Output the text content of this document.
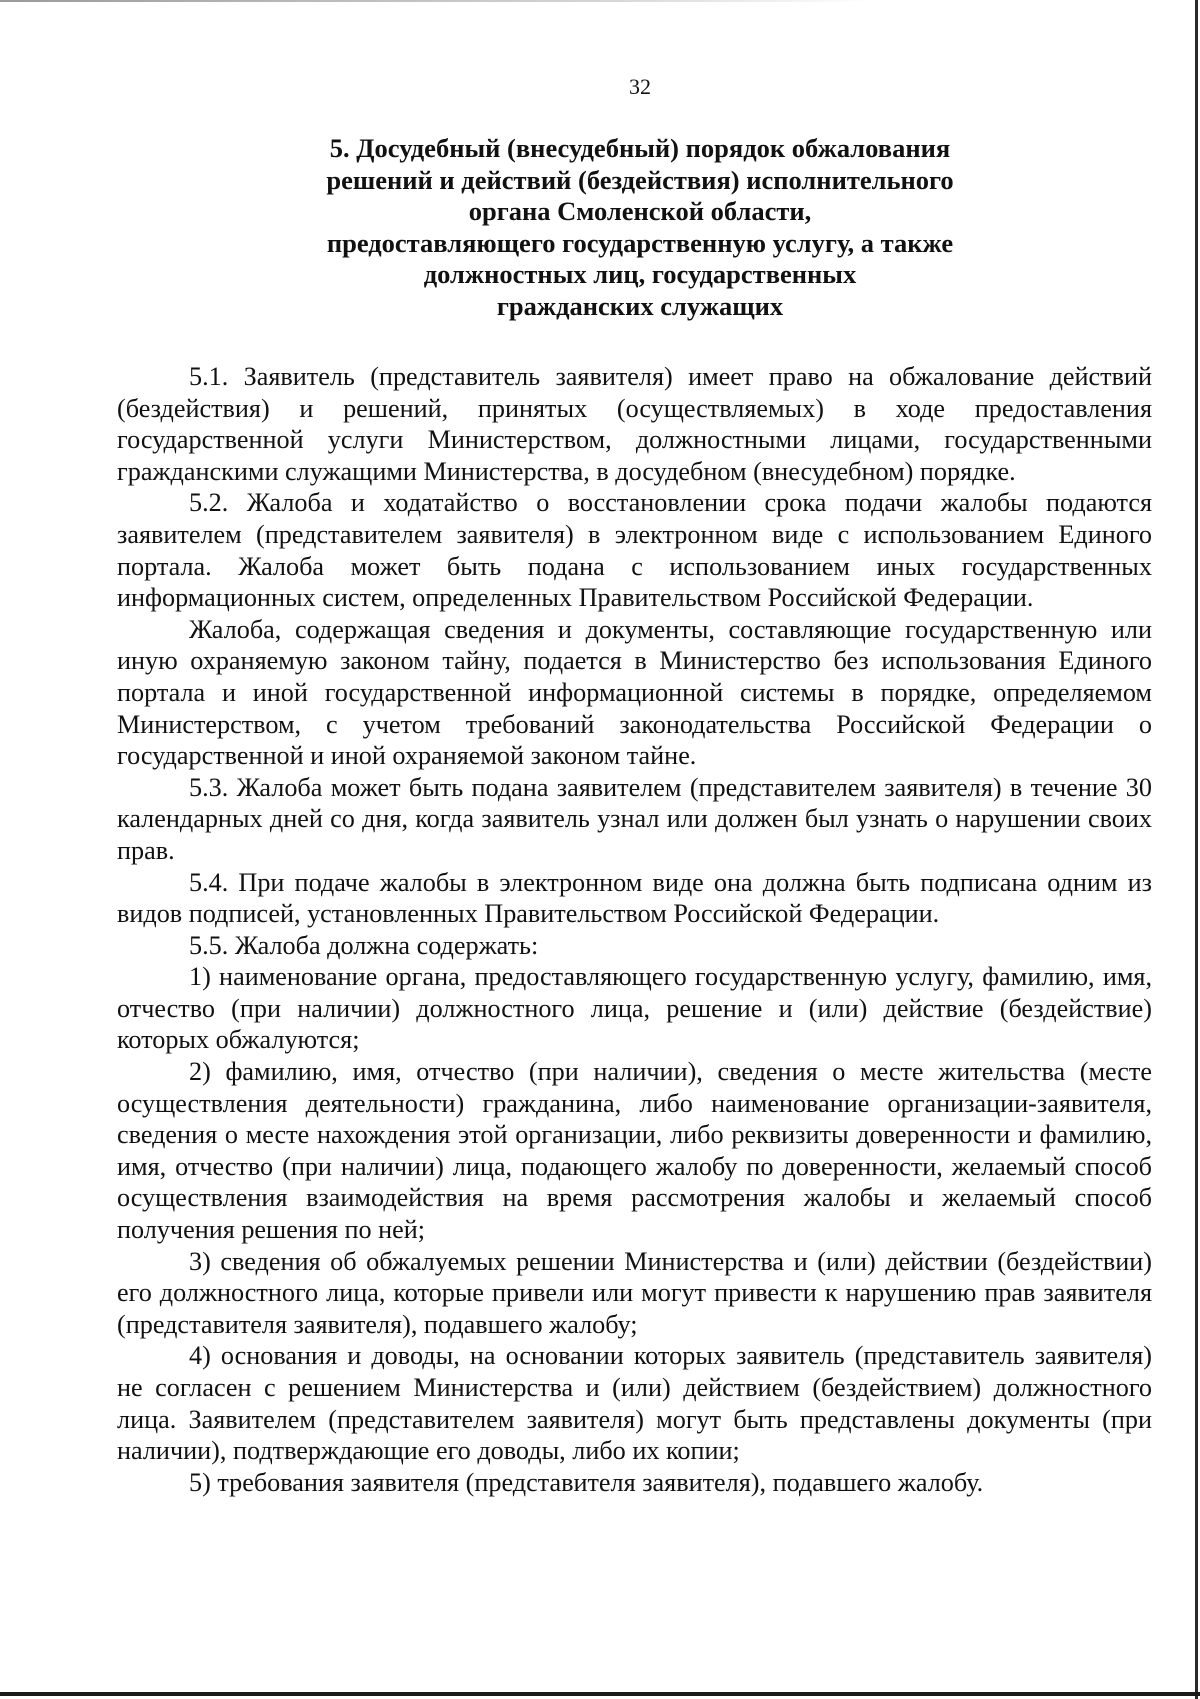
32
5. Досудебный (внесудебный) порядок обжалования
решений и действий (бездействия) исполнительного
органа Смоленской области,
предоставляющего государственную услугу, а также
должностных лиц, государственных
гражданских служащих

5.1. Заявитель (представитель заявителя) имеет право на обжалование действий (бездействия) и решений, принятых (осуществляемых) в ходе предоставления государственной услуги Министерством, должностными лицами, государственными гражданскими служащими Министерства, в досудебном (внесудебном) порядке.

5.2. Жалоба и ходатайство о восстановлении срока подачи жалобы подаются заявителем (представителем заявителя) в электронном виде с использованием Единого портала. Жалоба может быть подана с использованием иных государственных информационных систем, определенных Правительством Российской Федерации.

Жалоба, содержащая сведения и документы, составляющие государственную или иную охраняемую законом тайну, подается в Министерство без использования Единого портала и иной государственной информационной системы в порядке, определяемом Министерством, с учетом требований законодательства Российской Федерации о государственной и иной охраняемой законом тайне.

5.3. Жалоба может быть подана заявителем (представителем заявителя) в течение 30 календарных дней со дня, когда заявитель узнал или должен был узнать о нарушении своих прав.

5.4. При подаче жалобы в электронном виде она должна быть подписана одним из видов подписей, установленных Правительством Российской Федерации.

5.5. Жалоба должна содержать:

1) наименование органа, предоставляющего государственную услугу, фамилию, имя, отчество (при наличии) должностного лица, решение и (или) действие (бездействие) которых обжалуются;

2) фамилию, имя, отчество (при наличии), сведения о месте жительства (месте осуществления деятельности) гражданина, либо наименование организации-заявителя, сведения о месте нахождения этой организации, либо реквизиты доверенности и фамилию, имя, отчество (при наличии) лица, подающего жалобу по доверенности, желаемый способ осуществления взаимодействия на время рассмотрения жалобы и желаемый способ получения решения по ней;

3) сведения об обжалуемых решении Министерства и (или) действии (бездействии) его должностного лица, которые привели или могут привести к нарушению прав заявителя (представителя заявителя), подавшего жалобу;

4) основания и доводы, на основании которых заявитель (представитель заявителя) не согласен с решением Министерства и (или) действием (бездействием) должностного лица. Заявителем (представителем заявителя) могут быть представлены документы (при наличии), подтверждающие его доводы, либо их копии;

5) требования заявителя (представителя заявителя), подавшего жалобу.
